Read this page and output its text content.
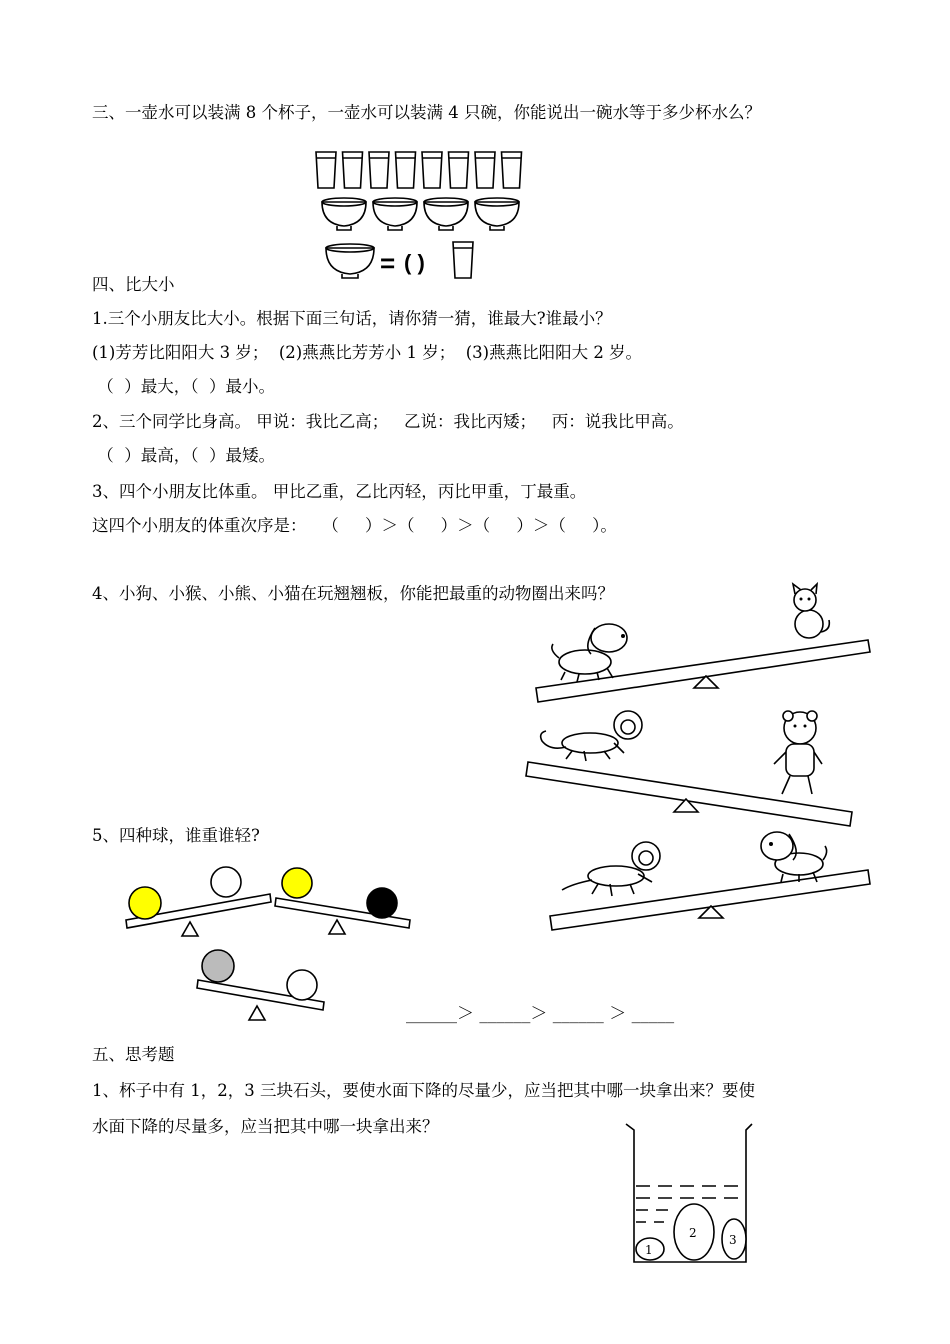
三、一壶水可以装满 8 个杯子，一壶水可以装满 4 只碗，你能说出一碗水等于多少杯水么？
= ( )
四、比大小
1.三个小朋友比大小。根据下面三句话，请你猜一猜，谁最大?谁最小？
(1)芳芳比阳阳大 3 岁；  (2)燕燕比芳芳小 1 岁；  (3)燕燕比阳阳大 2 岁。
（  ）最大，（  ）最小。
2、三个同学比身高。 甲说：我比乙高；   乙说：我比丙矮；   丙：说我比甲高。
（  ）最高，（  ）最矮。
3、四个小朋友比体重。 甲比乙重，乙比丙轻，丙比甲重，丁最重。
这四个小朋友的体重次序是：   （     ）＞（     ）＞（     ）＞（     ）。
4、小狗、小猴、小熊、小猫在玩翘翘板，你能把最重的动物圈出来吗？
5、四种球，谁重谁轻?
______＞ ______＞ ______ ＞ _____
五、思考题
1、杯子中有 1，2，3 三块石头，要使水面下降的尽量少，应当把其中哪一块拿出来？要使
水面下降的尽量多，应当把其中哪一块拿出来？
1
2	3
